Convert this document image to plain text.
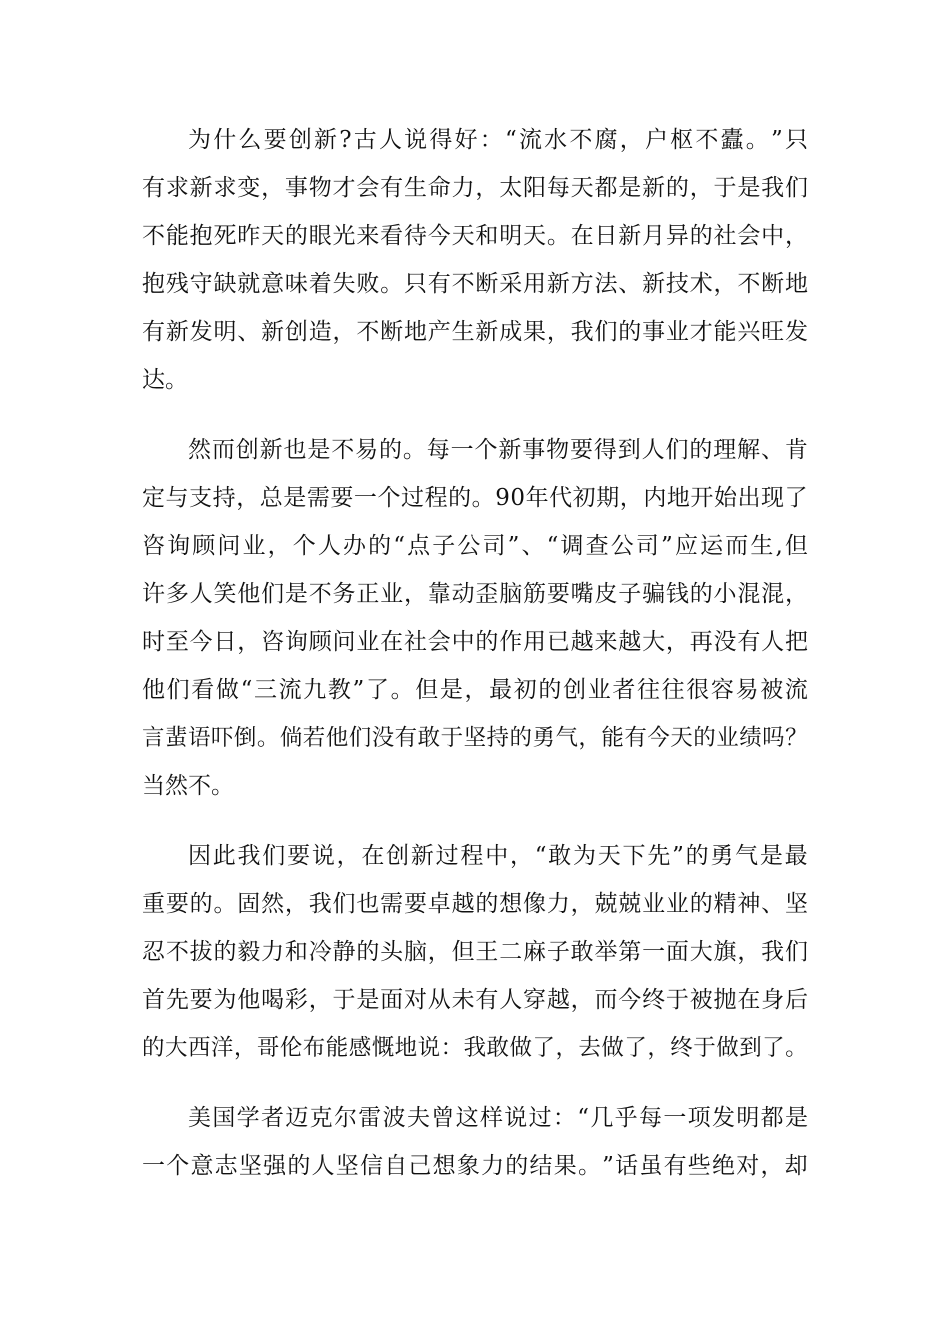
为 什 么 要 创 新 ? 古 人 说 得 好 ： “ 流 水 不 腐 ， 户 枢 不 蠹 。 ” 只
有 求 新 求 变 ， 事 物 才 会 有 生 命 力 ， 太 阳 每 天 都 是 新 的 ， 于 是 我 们
不 能 抱 死 昨 天 的 眼 光 来 看 待 今 天 和 明 天 。 在 日 新 月 异 的 社 会 中 ，
抱 残 守 缺 就 意 味 着 失 败 。 只 有 不 断 采 用 新 方 法 、 新 技 术 ， 不 断 地
有 新 发 明 、 新 创 造 ， 不 断 地 产 生 新 成 果 ， 我 们 的 事 业 才 能 兴 旺 发
达。
然 而 创 新 也 是 不 易 的 。 每 一 个 新 事 物 要 得 到 人 们 的 理 解 、 肯
定 与 支 持 ， 总 是 需 要 一 个 过 程 的 。 9 0 年 代 初 期 ， 内 地 开 始 出 现 了
咨 询 顾 问 业 ， 个 人 办 的 “ 点 子 公 司 ” 、 “ 调 查 公 司 ” 应 运 而 生 , 但
许 多 人 笑 他 们 是 不 务 正 业 ， 靠 动 歪 脑 筋 要 嘴 皮 子 骗 钱 的 小 混 混 ，
时 至 今 日 ， 咨 询 顾 问 业 在 社 会 中 的 作 用 已 越 来 越 大 ， 再 没 有 人 把
他 们 看 做 “ 三 流 九 教 ” 了 。 但 是 ， 最 初 的 创 业 者 往 往 很 容 易 被 流
言 蜚 语 吓 倒 。 倘 若 他 们 没 有 敢 于 坚 持 的 勇 气 ， 能 有 今 天 的 业 绩 吗 ？
当然不。
因 此 我 们 要 说 ， 在 创 新 过 程 中 ， “ 敢 为 天 下 先 ” 的 勇 气 是 最
重 要 的 。 固 然 ， 我 们 也 需 要 卓 越 的 想 像 力 ， 兢 兢 业 业 的 精 神 、 坚
忍 不 拔 的 毅 力 和 冷 静 的 头 脑 ， 但 王 二 麻 子 敢 举 第 一 面 大 旗 ， 我 们
首 先 要 为 他 喝 彩 ， 于 是 面 对 从 未 有 人 穿 越 ， 而 今 终 于 被 抛 在 身 后
的 大 西 洋 ， 哥 伦 布 能 感 慨 地 说 ： 我 敢 做 了 ， 去 做 了 ， 终 于 做 到 了 。
美 国 学 者 迈 克 尔 雷 波 夫 曾 这 样 说 过 ： “ 几 乎 每 一 项 发 明 都 是
一 个 意 志 坚 强 的 人 坚 信 自 己 想 象 力 的 结 果 。 ” 话 虽 有 些 绝 对 ， 却
